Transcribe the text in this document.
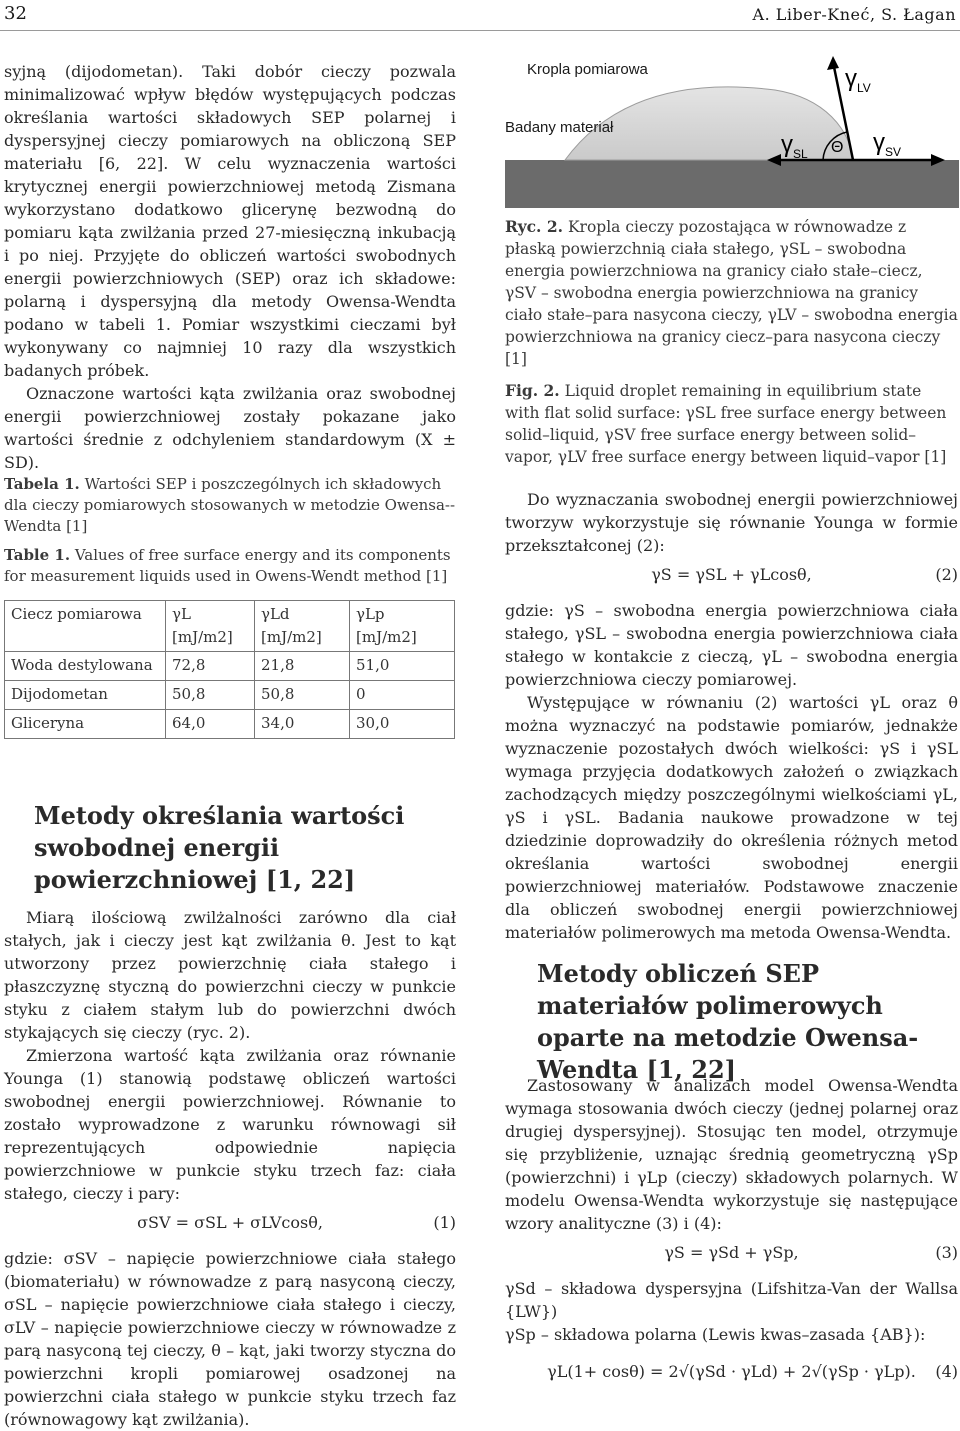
32	A. Liber-Kneć, S. Łagan

syjną (dijodometan). Taki dobór cieczy pozwala minimalizować wpływ błędów występujących podczas określania wartości składowych SEP polarnej i dyspersyjnej cieczy pomiarowych na obliczoną SEP materiału [6, 22]. W celu wyznaczenia wartości krytycznej energii powierzchniowej metodą Zismana wykorzystano dodatkowo glicerynę bezwodną do pomiaru kąta zwilżania przed 27-miesięczną inkubacją i po niej. Przyjęte do obliczeń wartości swobodnych energii powierzchniowych (SEP) oraz ich składowe: polarną i dyspersyjną dla metody Owensa-Wendta podano w tabeli 1. Pomiar wszystkimi cieczami był wykonywany co najmniej 10 razy dla wszystkich badanych próbek.

Oznaczone wartości kąta zwilżania oraz swobodnej energii powierzchniowej zostały pokazane jako wartości średnie z odchyleniem standardowym (X ± SD).

Kropla pomiarowa
Badany materiał
$\gamma_{LV}$
$\gamma_{SL}$	$\gamma_{SV}$
Θ

Ryc. 2. Kropla cieczy pozostająca w równowadze z płaską powierzchnią ciała stałego, γSL – swobodna energia powierzchniowa na granicy ciało stałe–ciecz, γSV – swobodna energia powierzchniowa na granicy ciało stałe–para nasycona cieczy, γLV – swobodna energia powierzchniowa na granicy ciecz–para nasycona cieczy [1]

Fig. 2. Liquid droplet remaining in equilibrium state with flat solid surface: γSL free surface energy between solid–liquid, γSV free surface energy between solid–vapor, γLV free surface energy between liquid–vapor [1]

Tabela 1. Wartości SEP i poszczególnych ich składowych dla cieczy pomiarowych stosowanych w metodzie Owensa--Wendta [1]

Table 1. Values of free surface energy and its components for measurement liquids used in Owens-Wendt method [1]

Ciecz pomiarowa	γL [mJ/m2]	γLd [mJ/m2]	γLp [mJ/m2]
Woda destylowana	72,8	21,8	51,0
Dijodometan	50,8	50,8	0
Gliceryna	64,0	34,0	30,0
Metody określania wartości swobodnej energii powierzchniowej [1, 22]

Miarą ilościową zwilżalności zarówno dla ciał stałych, jak i cieczy jest kąt zwilżania θ. Jest to kąt utworzony przez powierzchnię ciała stałego i płaszczyznę styczną do powierzchni cieczy w punkcie styku z ciałem stałym lub do powierzchni dwóch stykających się cieczy (ryc. 2).

Zmierzona wartość kąta zwilżania oraz równanie Younga (1) stanowią podstawę obliczeń wartości swobodnej energii powierzchniowej. Równanie to zostało wyprowadzone z warunku równowagi sił reprezentujących odpowiednie napięcia powierzchniowe w punkcie styku trzech faz: ciała stałego, cieczy i pary:

σSV = σSL + σLVcosθ,	(1)

gdzie: σSV – napięcie powierzchniowe ciała stałego (biomateriału) w równowadze z parą nasyconą cieczy, σSL – napięcie powierzchniowe ciała stałego i cieczy, σLV – napięcie powierzchniowe cieczy w równowadze z parą nasyconą tej cieczy, θ – kąt, jaki tworzy styczna do powierzchni kropli pomiarowej osadzonej na powierzchni ciała stałego w punkcie styku trzech faz (równowagowy kąt zwilżania).

Do wyznaczania swobodnej energii powierzchniowej tworzyw wykorzystuje się równanie Younga w formie przekształconej (2):

γS = γSL + γLcosθ,	(2)

gdzie: γS – swobodna energia powierzchniowa ciała stałego, γSL – swobodna energia powierzchniowa ciała stałego w kontakcie z cieczą, γL – swobodna energia powierzchniowa cieczy pomiarowej.

Występujące w równaniu (2) wartości γL oraz θ można wyznaczyć na podstawie pomiarów, jednakże wyznaczenie pozostałych dwóch wielkości: γS i γSL wymaga przyjęcia dodatkowych założeń o związkach zachodzących między poszczególnymi wielkościami γL, γS i γSL. Badania naukowe prowadzone w tej dziedzinie doprowadziły do określenia różnych metod określania wartości swobodnej energii powierzchniowej materiałów. Podstawowe znaczenie dla obliczeń swobodnej energii powierzchniowej materiałów polimerowych ma metoda Owensa-Wendta.

Metody obliczeń SEP materiałów polimerowych oparte na metodzie Owensa-Wendta [1, 22]

Zastosowany w analizach model Owensa-Wendta wymaga stosowania dwóch cieczy (jednej polarnej oraz drugiej dyspersyjnej). Stosując ten model, otrzymuje się przybliżenie, uznając średnią geometryczną γSp (powierzchni) i γLp (cieczy) składowych polarnych. W modelu Owensa-Wendta wykorzystuje się następujące wzory analityczne (3) i (4):

γS = γSd + γSp,	(3)

γSd – składowa dyspersyjna (Lifshitza-Van der Wallsa {LW})

γSp – składowa polarna (Lewis kwas–zasada {AB}):

γL(1+ cosθ) = 2√(γSd · γLd) + 2√(γSp · γLp).	(4)
